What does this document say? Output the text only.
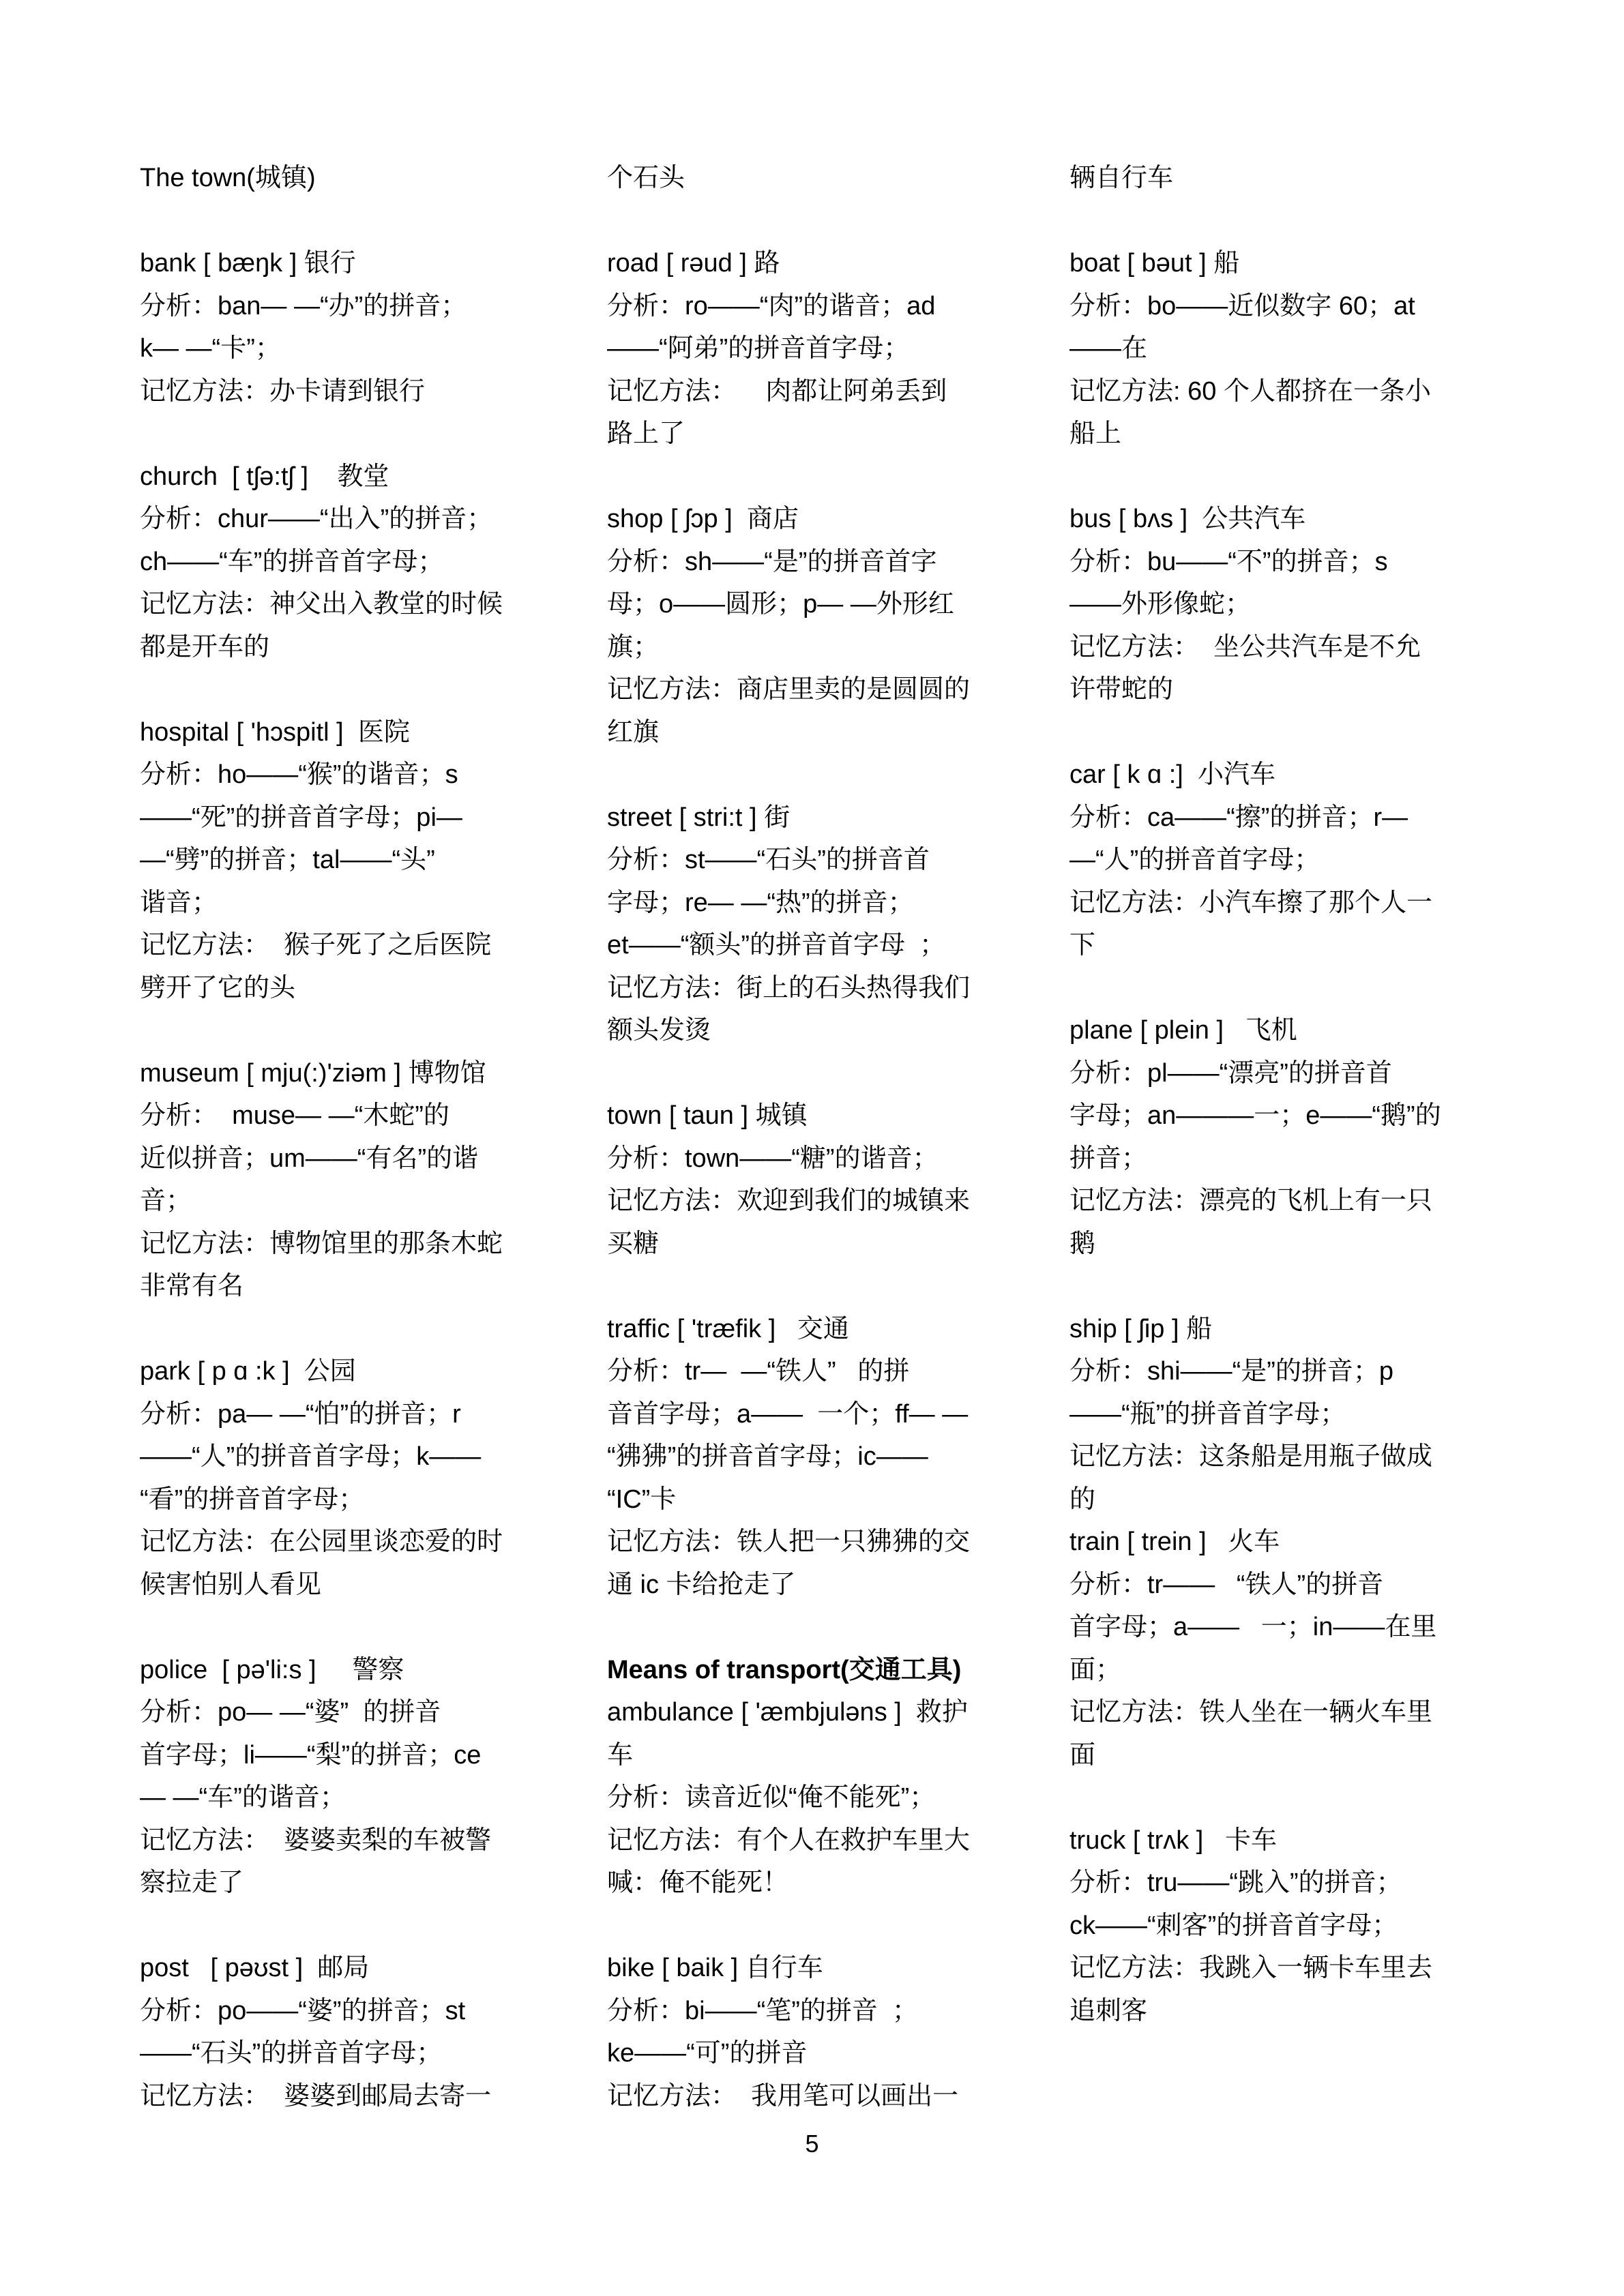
The town(城镇)
bank [ bæŋk ] 银行
分析：ban— —“办”的拼音；
k— —“卡”；
记忆方法：办卡请到银行
church  [ tʃə:tʃ ]    教堂
分析：chur——“出入”的拼音；
ch——“车”的拼音首字母；
记忆方法：神父出入教堂的时候
都是开车的
hospital [ 'hɔspitl ]  医院
分析：ho——“猴”的谐音；s
——“死”的拼音首字母；pi—
—“劈”的拼音；tal——“头”
谐音；
记忆方法：  猴子死了之后医院
劈开了它的头
museum [ mju(:)'ziəm ] 博物馆
分析：  muse— —“木蛇”的
近似拼音；um——“有名”的谐
音；
记忆方法：博物馆里的那条木蛇
非常有名
park [ p ɑ :k ]  公园
分析：pa— —“怕”的拼音；r
——“人”的拼音首字母；k——
“看”的拼音首字母；
记忆方法：在公园里谈恋爱的时
候害怕别人看见
police  [ pə'li:s ]     警察
分析：po— —“婆”  的拼音
首字母；li——“梨”的拼音；ce
— —“车”的谐音；
记忆方法：  婆婆卖梨的车被警
察拉走了
post   [ pəʊst ]  邮局
分析：po——“婆”的拼音；st
——“石头”的拼音首字母；
记忆方法：  婆婆到邮局去寄一
个石头
road [ rəud ] 路
分析：ro——“肉”的谐音；ad
——“阿弟”的拼音首字母；
记忆方法：    肉都让阿弟丢到
路上了
shop [ ʃɔp ]  商店
分析：sh——“是”的拼音首字
母；o——圆形；p— —外形红
旗；
记忆方法：商店里卖的是圆圆的
红旗
street [ stri:t ] 街
分析：st——“石头”的拼音首
字母；re— —“热”的拼音；
et——“额头”的拼音首字母  ；
记忆方法：街上的石头热得我们
额头发烫
town [ taun ] 城镇
分析：town——“糖”的谐音；
记忆方法：欢迎到我们的城镇来
买糖
traffic [ 'træfik ]   交通
分析：tr—  —“铁人”   的拼
音首字母；a——  一个；ff— —
“狒狒”的拼音首字母；ic——
“IC”卡
记忆方法：铁人把一只狒狒的交
通 ic 卡给抢走了
Means of transport(交通工具)
ambulance [ 'æmbjuləns ]  救护
车
分析：读音近似“俺不能死”；
记忆方法：有个人在救护车里大
喊：俺不能死！
bike [ baik ] 自行车
分析：bi——“笔”的拼音  ；
ke——“可”的拼音
记忆方法：  我用笔可以画出一
辆自行车
boat [ bəut ] 船
分析：bo——近似数字 60；at
——在
记忆方法: 60 个人都挤在一条小
船上
bus [ bʌs ]  公共汽车
分析：bu——“不”的拼音；s
——外形像蛇；
记忆方法：  坐公共汽车是不允
许带蛇的
car [ k ɑ :]  小汽车
分析：ca——“擦”的拼音；r—
—“人”的拼音首字母；
记忆方法：小汽车擦了那个人一
下
plane [ plein ]   飞机
分析：pl——“漂亮”的拼音首
字母；an———一；e——“鹅”的
拼音；
记忆方法：漂亮的飞机上有一只
鹅
ship [ ʃip ] 船
分析：shi——“是”的拼音；p
——“瓶”的拼音首字母；
记忆方法：这条船是用瓶子做成
的
train [ trein ]   火车
分析：tr——   “铁人”的拼音
首字母；a——   一；in——在里
面；
记忆方法：铁人坐在一辆火车里
面
truck [ trʌk ]   卡车
分析：tru——“跳入”的拼音；
ck——“刺客”的拼音首字母；
记忆方法：我跳入一辆卡车里去
追刺客
5
